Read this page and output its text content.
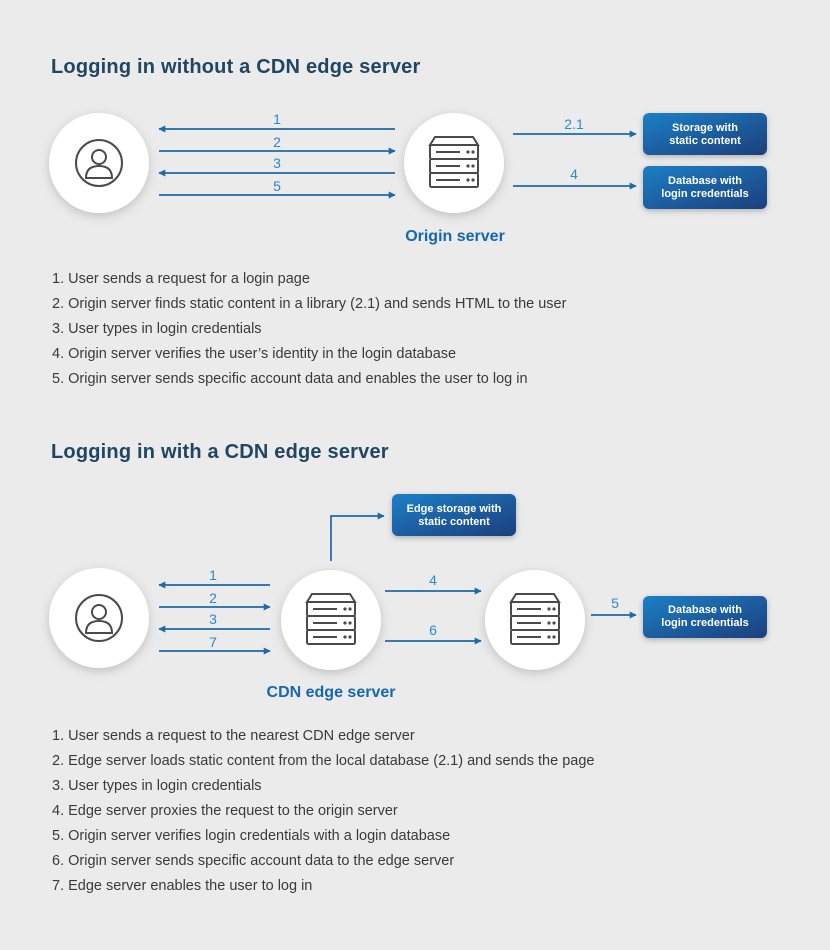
Logging in without a CDN edge server
Logging in with a CDN edge server
Origin server
1
2
3
5
2.1
4
Storage with
static content
Database with
login credentials
CDN edge server
1
2
3
7
4
6
Edge storage with
static content
5	Database with
login credentials
1. User sends a request for a login page
2. Origin server finds static content in a library (2.1) and sends HTML to the user
3. User types in login credentials
4. Origin server verifies the user’s identity in the login database
5. Origin server sends specific account data and enables the user to log in
1. User sends a request to the nearest CDN edge server
2. Edge server loads static content from the local database (2.1) and sends the page
3. User types in login credentials
4. Edge server proxies the request to the origin server
5. Origin server verifies login credentials with a login database
6. Origin server sends specific account data to the edge server
7. Edge server enables the user to log in
